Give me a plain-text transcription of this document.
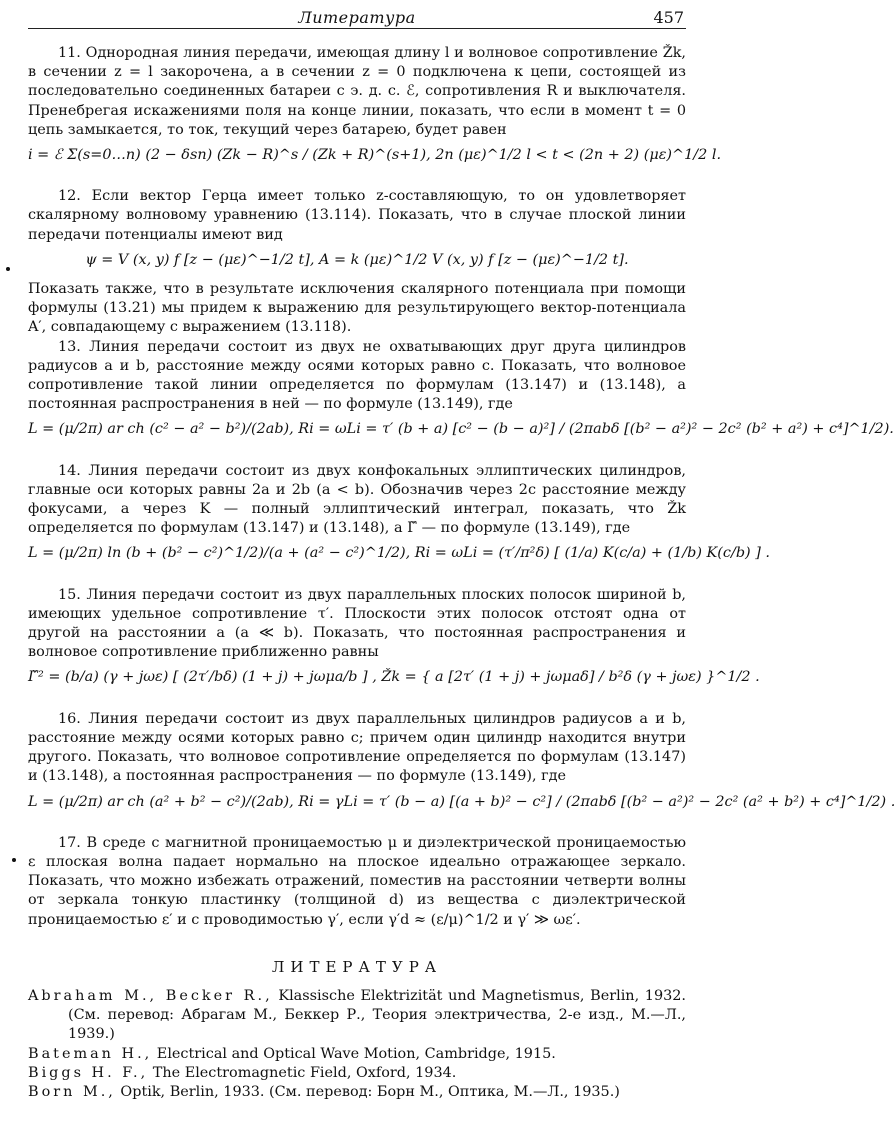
Литература	457

11. Однородная линия передачи, имеющая длину l и волновое сопротивление Žk, в сечении z = l закорочена, а в сечении z = 0 подключена к цепи, состоящей из последовательно соединенных батареи с э. д. с. ℰ, сопротивления R и выключателя. Пренебрегая искажениями поля на конце линии, показать, что если в момент t = 0 цепь замыкается, то ток, текущий через батарею, будет равен

i = ℰ Σ(s=0…n) (2 − δsn) (Zk − R)^s / (Zk + R)^(s+1), 2n (με)^1/2 l < t < (2n + 2) (με)^1/2 l.

12. Если вектор Герца имеет только z-составляющую, то он удовлетворяет скалярному волновому уравнению (13.114). Показать, что в случае плоской линии передачи потенциалы имеют вид

ψ = V (x, y) f [z − (με)^−1/2 t], A = k (με)^1/2 V (x, y) f [z − (με)^−1/2 t].

Показать также, что в результате исключения скалярного потенциала при помощи формулы (13.21) мы придем к выражению для результирующего вектор-потенциала A′, совпадающему с выражением (13.118).

13. Линия передачи состоит из двух не охватывающих друг друга цилиндров радиусов a и b, расстояние между осями которых равно c. Показать, что волновое сопротивление такой линии определяется по формулам (13.147) и (13.148), а постоянная распространения в ней — по формуле (13.149), где

L = (μ/2π) ar ch (c² − a² − b²)/(2ab), Ri = ωLi = τ′ (b + a) [c² − (b − a)²] / (2πabδ [(b² − a²)² − 2c² (b² + a²) + c⁴]^1/2).

14. Линия передачи состоит из двух конфокальных эллиптических цилиндров, главные оси которых равны 2a и 2b (a < b). Обозначив через 2c расстояние между фокусами, а через K — полный эллиптический интеграл, показать, что Žk определяется по формулам (13.147) и (13.148), а Γ̌ — по формуле (13.149), где

L = (μ/2π) ln (b + (b² − c²)^1/2)/(a + (a² − c²)^1/2), Ri = ωLi = (τ′/π²δ) [ (1/a) K(c/a) + (1/b) K(c/b) ] .

15. Линия передачи состоит из двух параллельных плоских полосок шириной b, имеющих удельное сопротивление τ′. Плоскости этих полосок отстоят одна от другой на расстоянии a (a ≪ b). Показать, что постоянная распространения и волновое сопротивление приближенно равны

Γ̌² = (b/a) (γ + jωε) [ (2τ′/bδ) (1 + j) + jωμa/b ] , Žk = { a [2τ′ (1 + j) + jωμaδ] / b²δ (γ + jωε) }^1/2 .

16. Линия передачи состоит из двух параллельных цилиндров радиусов a и b, расстояние между осями которых равно c; причем один цилиндр находится внутри другого. Показать, что волновое сопротивление определяется по формулам (13.147) и (13.148), а постоянная распространения — по формуле (13.149), где

L = (μ/2π) ar ch (a² + b² − c²)/(2ab), Ri = γLi = τ′ (b − a) [(a + b)² − c²] / (2πabδ [(b² − a²)² − 2c² (a² + b²) + c⁴]^1/2) .

17. В среде с магнитной проницаемостью μ и диэлектрической проницаемостью ε плоская волна падает нормально на плоское идеально отражающее зеркало. Показать, что можно избежать отражений, поместив на расстоянии четверти волны от зеркала тонкую пластинку (толщиной d) из вещества с диэлектрической проницаемостью ε′ и с проводимостью γ′, если γ′d ≈ (ε/μ)^1/2 и γ′ ≫ ωε′.

ЛИТЕРАТУРА

Abraham M., Becker R., Klassische Elektrizität und Magnetismus, Berlin, 1932. (См. перевод: Абрагам М., Беккер Р., Теория электричества, 2-е изд., М.—Л., 1939.)

Bateman H., Electrical and Optical Wave Motion, Cambridge, 1915.

Biggs H. F., The Electromagnetic Field, Oxford, 1934.

Born M., Optik, Berlin, 1933. (См. перевод: Борн М., Оптика, М.—Л., 1935.)
